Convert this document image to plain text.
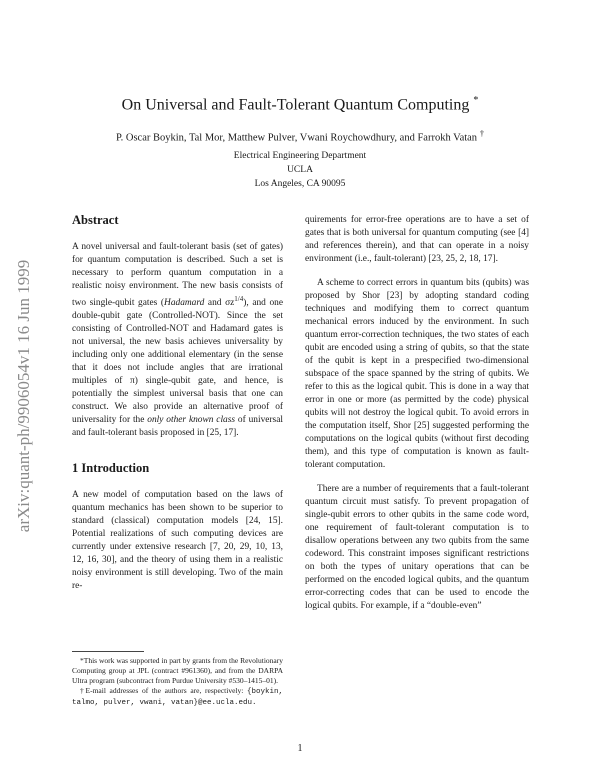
arXiv:quant-ph/9906054v1 16 Jun 1999
On Universal and Fault-Tolerant Quantum Computing *
P. Oscar Boykin, Tal Mor, Matthew Pulver, Vwani Roychowdhury, and Farrokh Vatan †
Electrical Engineering Department
UCLA
Los Angeles, CA 90095
Abstract

A novel universal and fault-tolerant basis (set of gates) for quantum computation is described. Such a set is necessary to perform quantum computation in a realistic noisy environment. The new basis consists of two single-qubit gates (Hadamard and $\sigma z^{1/4}$), and one double-qubit gate (Controlled-NOT). Since the set consisting of Controlled-NOT and Hadamard gates is not universal, the new basis achieves universality by including only one additional elementary (in the sense that it does not include angles that are irrational multiples of π) single-qubit gate, and hence, is potentially the simplest universal basis that one can construct. We also provide an alternative proof of universality for the only other known class of universal and fault-tolerant basis proposed in [25, 17].

1 Introduction

A new model of computation based on the laws of quantum mechanics has been shown to be superior to standard (classical) computation models [24, 15]. Potential realizations of such computing devices are currently under extensive research [7, 20, 29, 10, 13, 12, 16, 30], and the theory of using them in a realistic noisy environment is still developing. Two of the main re-

*This work was supported in part by grants from the Revolutionary Computing group at JPL (contract #961360), and from the DARPA Ultra program (subcontract from Purdue University #530–1415–01).

†E-mail addresses of the authors are, respectively: {boykin, talmo, pulver, vwani, vatan}@ee.ucla.edu.

quirements for error-free operations are to have a set of gates that is both universal for quantum computing (see [4] and references therein), and that can operate in a noisy environment (i.e., fault-tolerant) [23, 25, 2, 18, 17].

A scheme to correct errors in quantum bits (qubits) was proposed by Shor [23] by adopting standard coding techniques and modifying them to correct quantum mechanical errors induced by the environment. In such quantum error-correction techniques, the two states of each qubit are encoded using a string of qubits, so that the state of the qubit is kept in a prespecified two-dimensional subspace of the space spanned by the string of qubits. We refer to this as the logical qubit. This is done in a way that error in one or more (as permitted by the code) physical qubits will not destroy the logical qubit. To avoid errors in the computation itself, Shor [25] suggested performing the computations on the logical qubits (without first decoding them), and this type of computation is known as fault-tolerant computation.

There are a number of requirements that a fault-tolerant quantum circuit must satisfy. To prevent propagation of single-qubit errors to other qubits in the same code word, one requirement of fault-tolerant computation is to disallow operations between any two qubits from the same codeword. This constraint imposes significant restrictions on both the types of unitary operations that can be performed on the encoded logical qubits, and the quantum error-correcting codes that can be used to encode the logical qubits. For example, if a “double-even”

1
